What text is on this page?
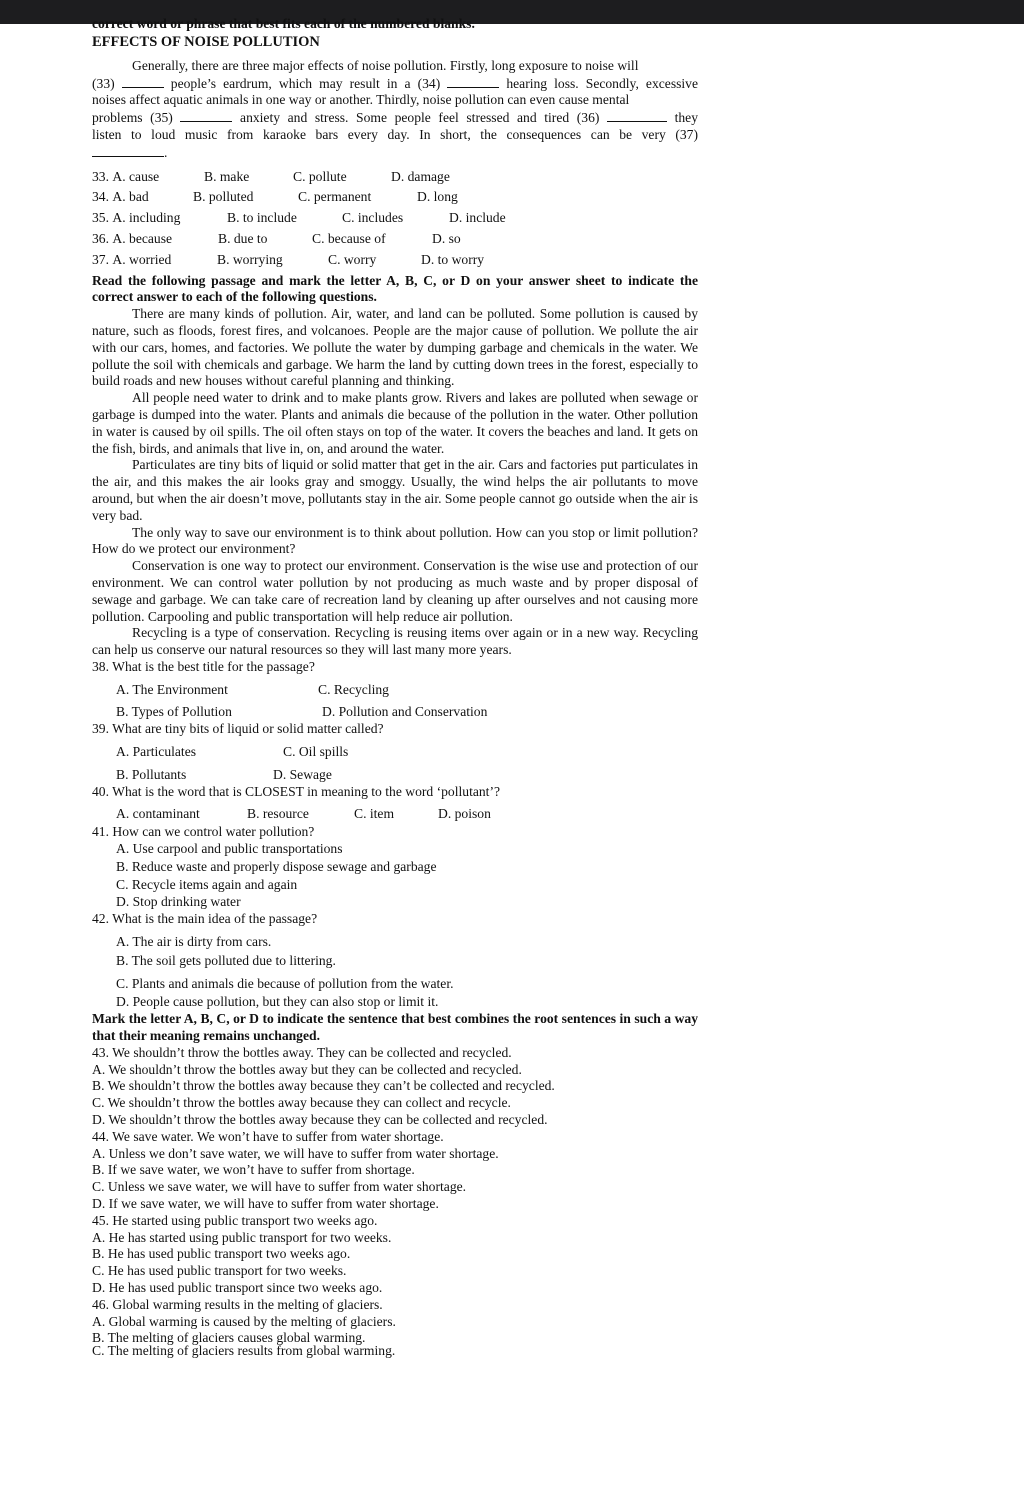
correct word or phrase that best fits each of the numbered blanks.
EFFECTS OF NOISE POLLUTION

Generally, there are three major effects of noise pollution. Firstly, long exposure to noise will

(33)	people’s eardrum, which may result in a (34)	hearing loss. Secondly, excessive

noises affect aquatic animals in one way or another. Thirdly, noise pollution can even cause mental

problems (35)	anxiety and stress. Some people feel stressed and tired (36)	they

listen to loud music from karaoke bars every day. In short, the consequences can be very (37)

.

33. A. cause	B. make	C. pollute	D. damage
34. A. bad	B. polluted	C. permanent	D. long
35. A. including	B. to include	C. includes	D. include
36. A. because	B. due to	C. because of	D. so
37. A. worried	B. worrying	C. worry	D. to worry

Read the following passage and mark the letter A, B, C, or D on your answer sheet to indicate the correct answer to each of the following questions.

There are many kinds of pollution. Air, water, and land can be polluted. Some pollution is caused by nature, such as floods, forest fires, and volcanoes. People are the major cause of pollution. We pollute the air with our cars, homes, and factories. We pollute the water by dumping garbage and chemicals in the water. We pollute the soil with chemicals and garbage. We harm the land by cutting down trees in the forest, especially to build roads and new houses without careful planning and thinking.

All people need water to drink and to make plants grow. Rivers and lakes are polluted when sewage or garbage is dumped into the water. Plants and animals die because of the pollution in the water. Other pollution in water is caused by oil spills. The oil often stays on top of the water. It covers the beaches and land. It gets on the fish, birds, and animals that live in, on, and around the water.

Particulates are tiny bits of liquid or solid matter that get in the air. Cars and factories put particulates in the air, and this makes the air looks gray and smoggy. Usually, the wind helps the air pollutants to move around, but when the air doesn’t move, pollutants stay in the air. Some people cannot go outside when the air is very bad.

The only way to save our environment is to think about pollution. How can you stop or limit pollution? How do we protect our environment?

Conservation is one way to protect our environment. Conservation is the wise use and protection of our environment. We can control water pollution by not producing as much waste and by proper disposal of sewage and garbage. We can take care of recreation land by cleaning up after ourselves and not causing more pollution. Carpooling and public transportation will help reduce air pollution.

Recycling is a type of conservation. Recycling is reusing items over again or in a new way. Recycling can help us conserve our natural resources so they will last many more years.

38. What is the best title for the passage?
A. The Environment	C. Recycling
B. Types of Pollution	D. Pollution and Conservation
39. What are tiny bits of liquid or solid matter called?
A. Particulates	C. Oil spills
B. Pollutants	D. Sewage
40. What is the word that is CLOSEST in meaning to the word ‘pollutant’?
A. contaminant	B. resource	C. item	D. poison
41. How can we control water pollution?
A. Use carpool and public transportations
B. Reduce waste and properly dispose sewage and garbage
C. Recycle items again and again
D. Stop drinking water
42. What is the main idea of the passage?
A. The air is dirty from cars.
B. The soil gets polluted due to littering.
C. Plants and animals die because of pollution from the water.
D. People cause pollution, but they can also stop or limit it.

Mark the letter A, B, C, or D to indicate the sentence that best combines the root sentences in such a way that their meaning remains unchanged.

43. We shouldn’t throw the bottles away. They can be collected and recycled.
A. We shouldn’t throw the bottles away but they can be collected and recycled.
B. We shouldn’t throw the bottles away because they can’t be collected and recycled.
C. We shouldn’t throw the bottles away because they can collect and recycle.
D. We shouldn’t throw the bottles away because they can be collected and recycled.
44. We save water. We won’t have to suffer from water shortage.
A. Unless we don’t save water, we will have to suffer from water shortage.
B. If we save water, we won’t have to suffer from shortage.
C. Unless we save water, we will have to suffer from water shortage.
D. If we save water, we will have to suffer from water shortage.
45. He started using public transport two weeks ago.
A. He has started using public transport for two weeks.
B. He has used public transport two weeks ago.
C. He has used public transport for two weeks.
D. He has used public transport since two weeks ago.
46. Global warming results in the melting of glaciers.
A. Global warming is caused by the melting of glaciers.
B. The melting of glaciers causes global warming.
C. The melting of glaciers results from global warming.
